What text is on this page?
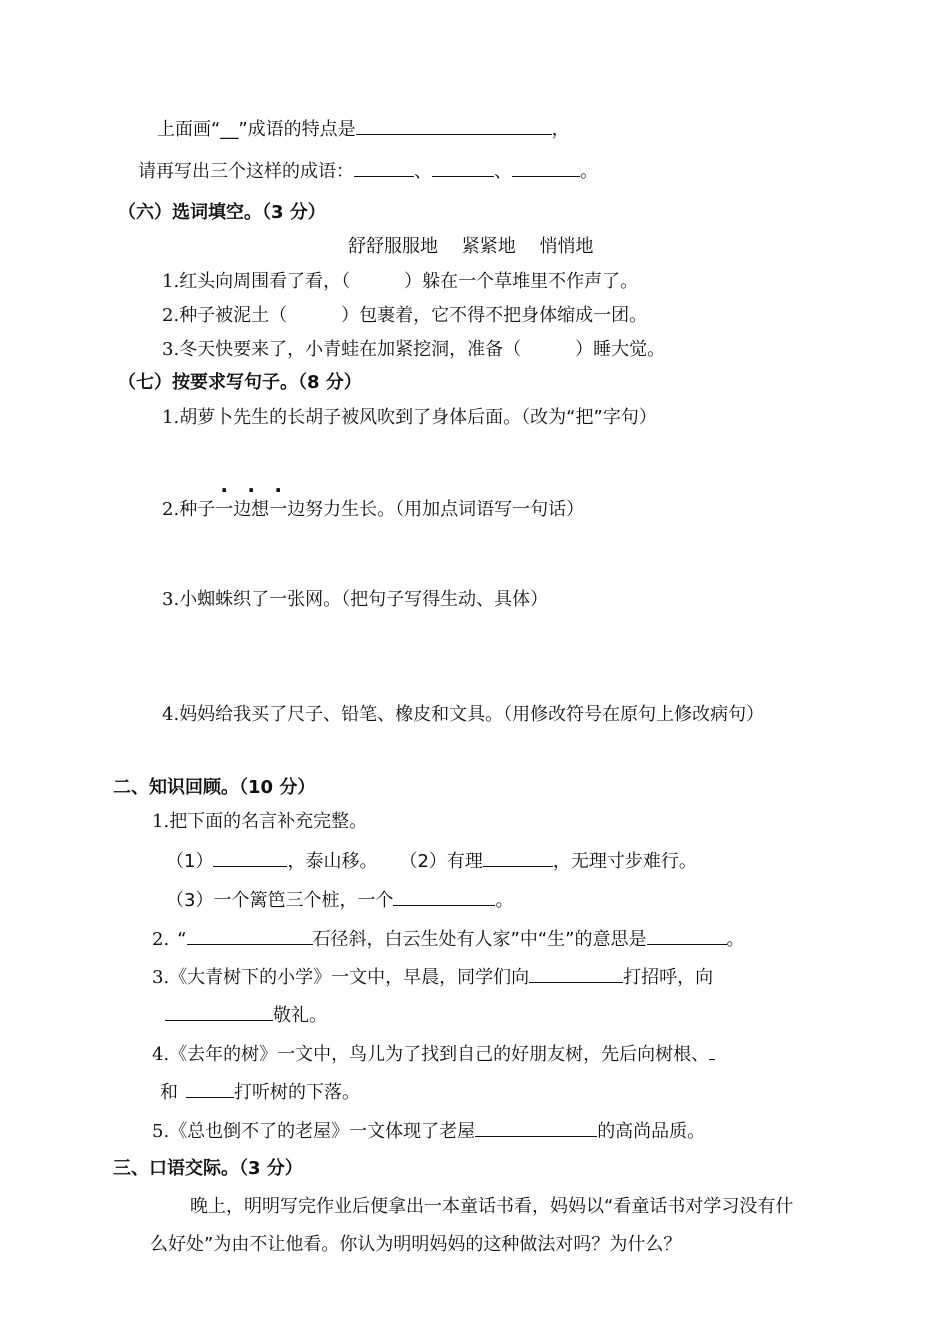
上面画“__”成语的特点是	，
请再写出三个这样的成语：	、	、	。
（六）选词填空。（3 分）
舒舒服服地　 紧紧地　 悄悄地
1.红头向周围看了看，（　　　）躲在一个草堆里不作声了。
2.种子被泥土（　　　）包裹着，它不得不把身体缩成一团。
3.冬天快要来了，小青蛙在加紧挖洞，准备（　　　）睡大觉。
（七）按要求写句子。（8 分）
1.胡萝卜先生的长胡子被风吹到了身体后面。（改为“把”字句）
2.种子一边想一边努力生长。（用加点词语写一句话）
3.小蜘蛛织了一张网。（把句子写得生动、具体）
4.妈妈给我买了尺子、铅笔、橡皮和文具。（用修改符号在原句上修改病句）
二、知识回顾。（10 分）
1.把下面的名言补充完整。
（1）	，泰山移。 （2）有理	，无理寸步难行。
（3）一个篱笆三个桩，一个	。
2. “	石径斜，白云生处有人家”中“生”的意思是	。
3.《大青树下的小学》一文中，早晨，同学们向	打招呼，向
敬礼。
4.《去年的树》一文中，鸟儿为了找到自己的好朋友树，先后向树根、
和	打听树的下落。
5.《总也倒不了的老屋》一文体现了老屋	的高尚品质。
三、口语交际。（3 分）
晚上，明明写完作业后便拿出一本童话书看，妈妈以“看童话书对学习没有什
么好处”为由不让他看。你认为明明妈妈的这种做法对吗？为什么？
